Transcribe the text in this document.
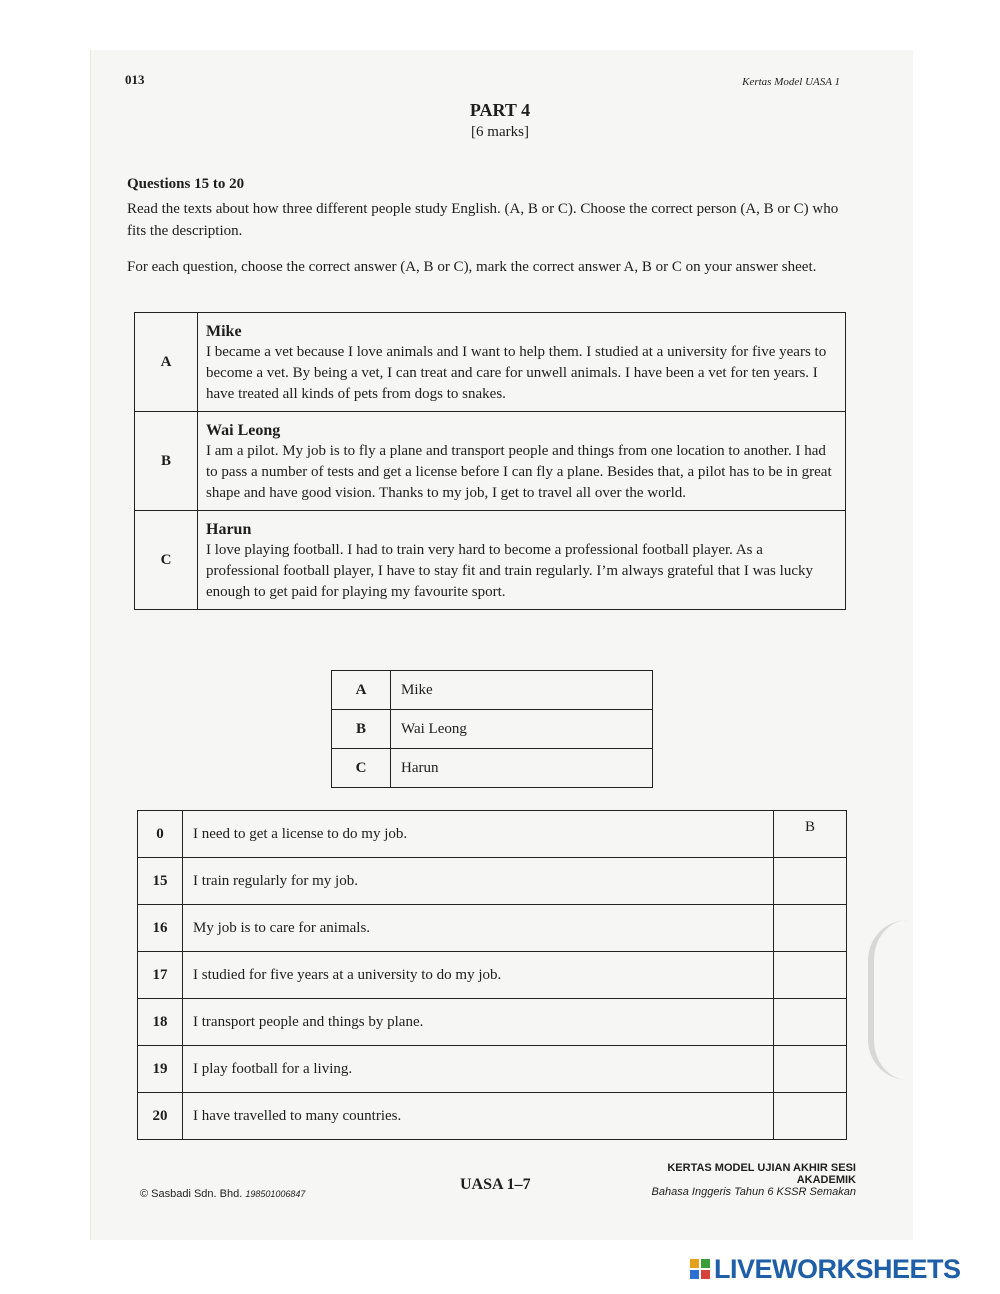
013	Kertas Model UASA 1
PART 4
[6 marks]
Questions 15 to 20
Read the texts about how three different people study English. (A, B or C). Choose the correct person (A, B or C) who fits the description.
For each question, choose the correct answer (A, B or C), mark the correct answer A, B or C on your answer sheet.
A	Mike
I became a vet because I love animals and I want to help them. I studied at a university for five years to become a vet. By being a vet, I can treat and care for unwell animals. I have been a vet for ten years. I have treated all kinds of pets from dogs to snakes.

B	Wai Leong
I am a pilot. My job is to fly a plane and transport people and things from one location to another. I had to pass a number of tests and get a license before I can fly a plane. Besides that, a pilot has to be in great shape and have good vision. Thanks to my job, I get to travel all over the world.

C	Harun
I love playing football. I had to train very hard to become a professional football player. As a professional football player, I have to stay fit and train regularly. I’m always grateful that I was lucky enough to get paid for playing my favourite sport.
A	Mike
B	Wai Leong
C	Harun
0	I need to get a license to do my job.	B
15	I train regularly for my job.	
16	My job is to care for animals.	
17	I studied for five years at a university to do my job.	
18	I transport people and things by plane.	
19	I play football for a living.	
20	I have travelled to many countries.	
© Sasbadi Sdn. Bhd. 198501006847
UASA 1–7
KERTAS MODEL UJIAN AKHIR SESI AKADEMIK
Bahasa Inggeris Tahun 6 KSSR Semakan
LIVEWORKSHEETS
